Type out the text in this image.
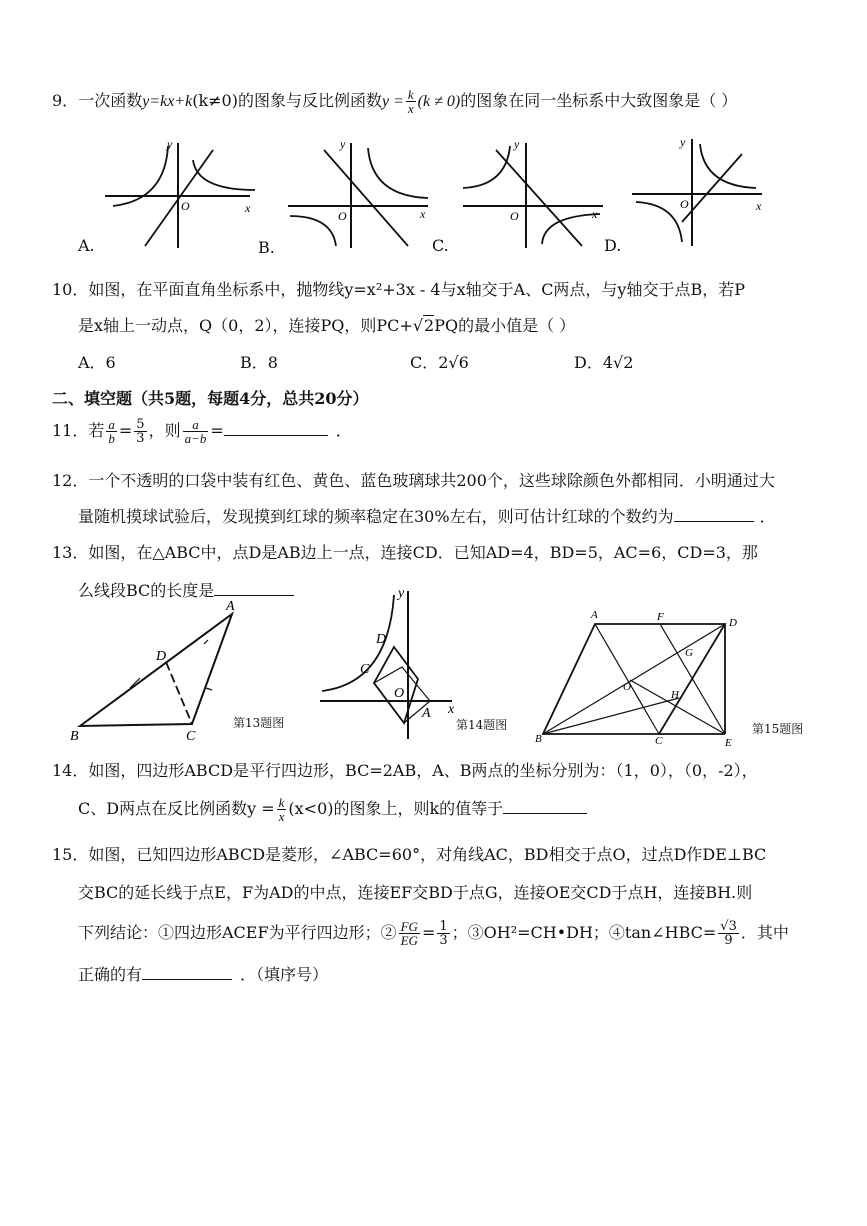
9．一次函数y=kx+k(k≠0)的图象与反比例函数$y = \frac{k}{x} (k \ne 0)$的图象在同一坐标系中大致图象是（ ）
y
O	x
A.
y
O	x
B.
y
O	x
C.
y
O	x
D.
10．如图，在平面直角坐标系中，抛物线y=x²+3x - 4与x轴交于A、C两点，与y轴交于点B，若P
是x轴上一动点，Q（0，2），连接PQ，则PC+√2PQ的最小值是（ ）
A．6	B．8	C．2√6	D．4√2
二、填空题（共5题，每题4分，总共20分）
11．若 $\frac{a}{b} = \frac{5}{3}$ ，则 $\frac{a}{a-b}$ =	．
12．一个不透明的口袋中装有红色、黄色、蓝色玻璃球共200个，这些球除颜色外都相同．小明通过大
量随机摸球试验后，发现摸到红球的频率稳定在30%左右，则可估计红球的个数约为	．
13．如图，在△ABC中，点D是AB边上一点，连接CD．已知AD=4，BD=5，AC=6，CD=3，那
么线段BC的长度是
B
A
D
C
第13题图
y
x
O
A
C
D
第14题图
A	F	D
G
O
H
B	C	E
第15题图
14．如图，四边形ABCD是平行四边形，BC=2AB，A、B两点的坐标分别为：（1，0），（0，-2），
C、D两点在反比例函数$y = \frac{k}{x} (x<0)$的图象上，则k的值等于
15．如图，已知四边形ABCD是菱形，∠ABC=60°，对角线AC，BD相交于点O，过点D作DE⊥BC
交BC的延长线于点E，F为AD的中点，连接EF交BD于点G，连接OE交CD于点H，连接BH.则
下列结论：①四边形ACEF为平行四边形；② $\frac{FG}{EG} = \frac{1}{3}$ ；③OH²=CH•DH；④tan∠HBC= $\frac{√3}{9}$ ．其中
正确的有	．（填序号）
